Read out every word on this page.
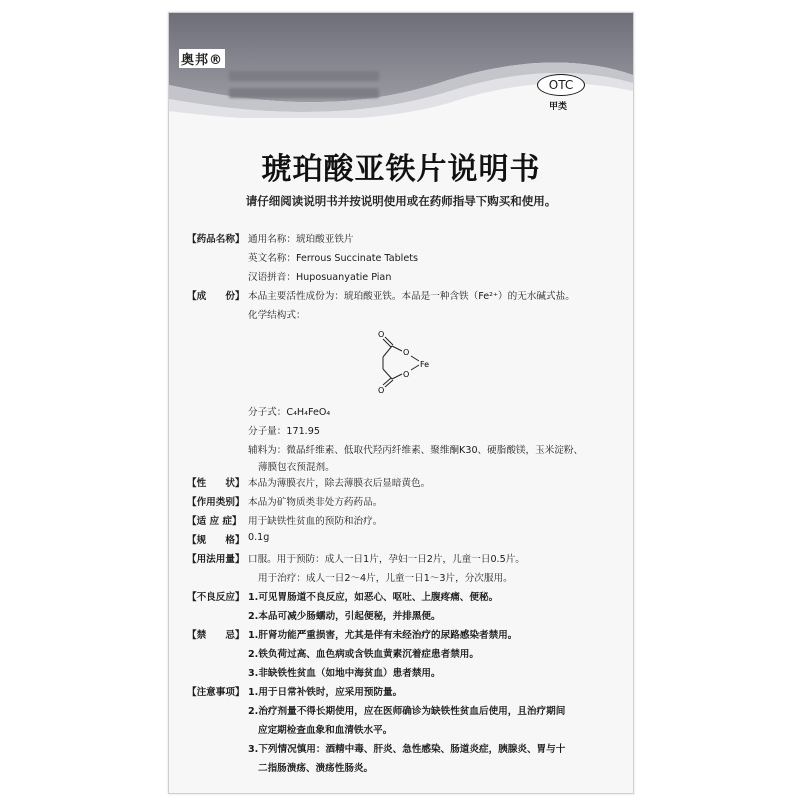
奥邦®
OTC
甲类
琥珀酸亚铁片说明书
请仔细阅读说明书并按说明使用或在药师指导下购买和使用。
【药品名称】 通用名称：琥珀酸亚铁片
英文名称：Ferrous Succinate Tablets
汉语拼音：Huposuanyatie Pian
【成　　份】 本品主要活性成份为：琥珀酸亚铁。本品是一种含铁（Fe²⁺）的无水碱式盐。
化学结构式：
O
O
Fe
O
O
分子式：C₄H₄FeO₄
分子量：171.95
辅料为：微晶纤维素、低取代羟丙纤维素、聚维酮K30、硬脂酸镁，玉米淀粉、
薄膜包衣预混剂。
【性　　状】 本品为薄膜衣片，除去薄膜衣后显暗黄色。
【作用类别】 本品为矿物质类非处方药药品。
【适 应 症】 用于缺铁性贫血的预防和治疗。
【规　　格】 0.1g
【用法用量】 口服。用于预防：成人一日1片，孕妇一日2片，儿童一日0.5片。
用于治疗：成人一日2～4片，儿童一日1～3片，分次服用。
【不良反应】 1.可见胃肠道不良反应，如恶心、呕吐、上腹疼痛、便秘。
2.本品可减少肠蠕动，引起便秘，并排黑便。
【禁　　忌】 1.肝肾功能严重损害，尤其是伴有未经治疗的尿路感染者禁用。
2.铁负荷过高、血色病或含铁血黄素沉着症患者禁用。
3.非缺铁性贫血（如地中海贫血）患者禁用。
【注意事项】 1.用于日常补铁时，应采用预防量。
2.治疗剂量不得长期使用，应在医师确诊为缺铁性贫血后使用，且治疗期间
应定期检查血象和血清铁水平。
3.下列情况慎用：酒精中毒、肝炎、急性感染、肠道炎症，胰腺炎、胃与十
二指肠溃疡、溃疡性肠炎。
